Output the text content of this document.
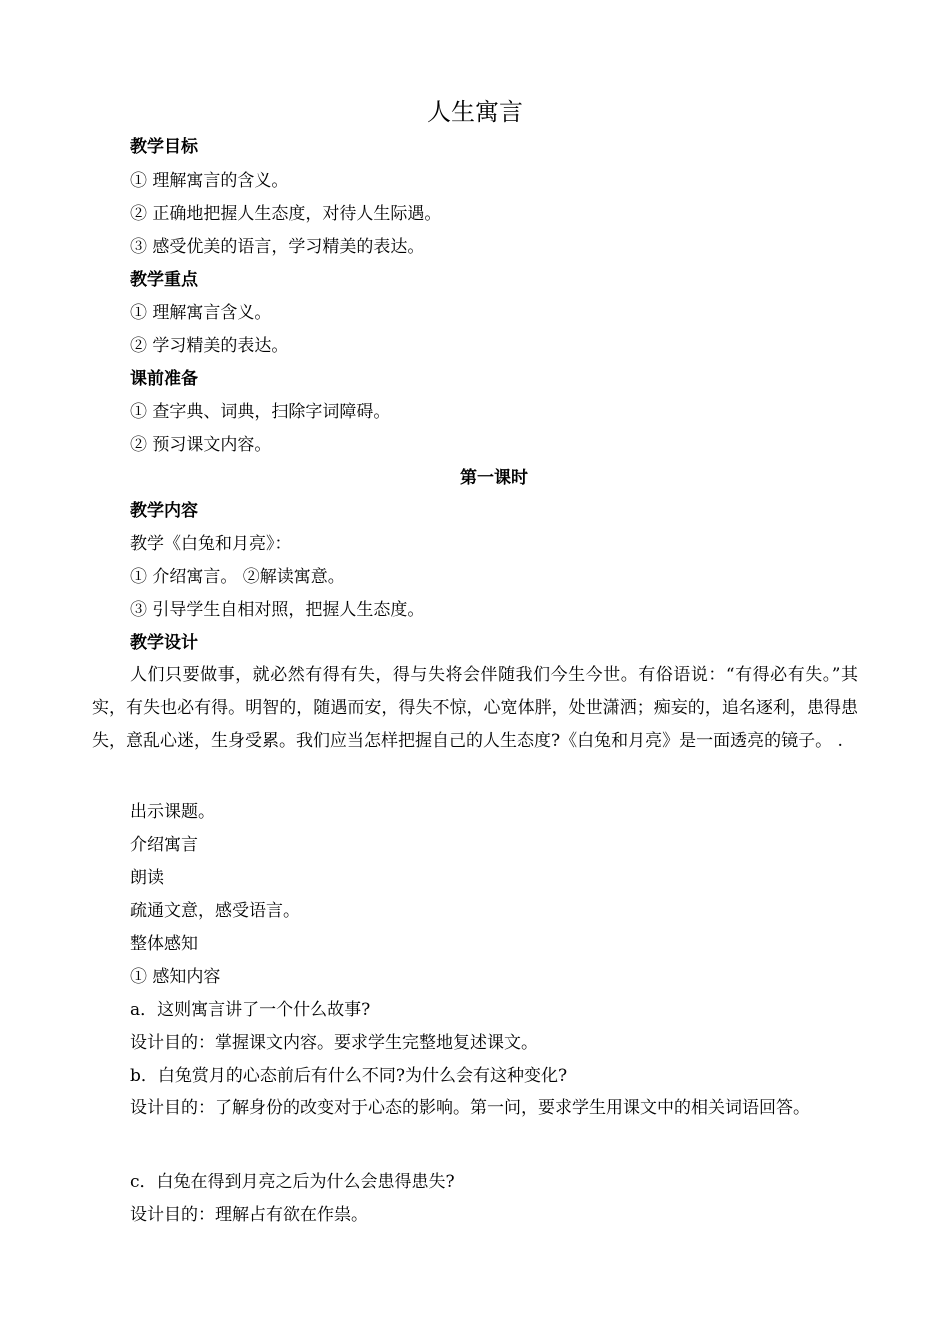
人生寓言
教学目标
① 理解寓言的含义。
② 正确地把握人生态度，对待人生际遇。
③ 感受优美的语言，学习精美的表达。
教学重点
① 理解寓言含义。
② 学习精美的表达。
课前准备
① 查字典、词典，扫除字词障碍。
② 预习课文内容。
第一课时
教学内容
教学《白兔和月亮》：
① 介绍寓言。 ②解读寓意。
③ 引导学生自相对照，把握人生态度。
教学设计
人们只要做事，就必然有得有失，得与失将会伴随我们今生今世。有俗语说：“有得必有失。”其实，有失也必有得。明智的，随遇而安，得失不惊，心宽体胖，处世潇洒；痴妄的，追名逐利，患得患失，意乱心迷，生身受累。我们应当怎样把握自己的人生态度?《白兔和月亮》是一面透亮的镜子。 .
出示课题。
介绍寓言
朗读
疏通文意，感受语言。
整体感知
① 感知内容
a．这则寓言讲了一个什么故事?
设计目的：掌握课文内容。要求学生完整地复述课文。
b．白兔赏月的心态前后有什么不同?为什么会有这种变化?
设计目的：了解身份的改变对于心态的影响。第一问，要求学生用课文中的相关词语回答。
c．白兔在得到月亮之后为什么会患得患失?
设计目的：理解占有欲在作祟。
